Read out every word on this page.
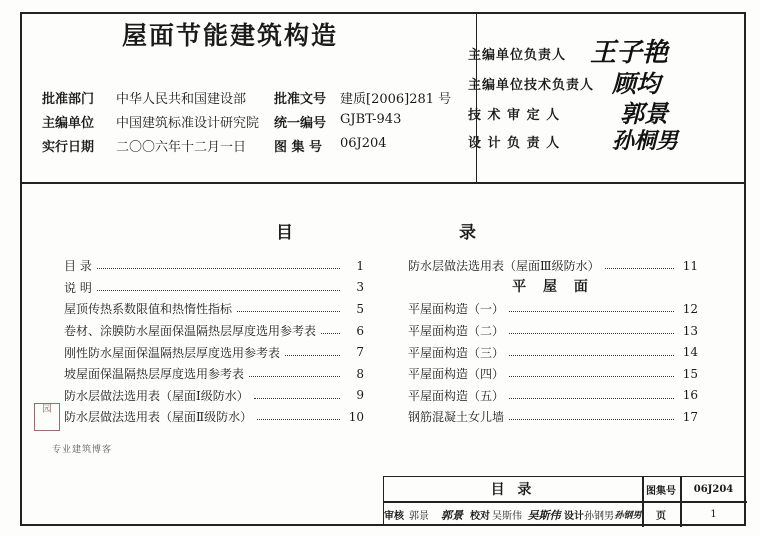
屋面节能建筑构造
批准部门 中华人民共和国建设部
主编单位 中国建筑标准设计研究院
实行日期 二〇〇六年十二月一日
批准文号 建质[2006]281 号
统一编号 GJBT-943
图 集 号 06J204
主编单位负责人 王子艳
主编单位技术负责人 顾均
技 术 审 定 人 郭景
设 计 负 责 人 孙桐男
目	录
目 录	1
说 明	3
屋顶传热系数限值和热惰性指标	5
卷材、涂膜防水屋面保温隔热层厚度选用参考表	6
刚性防水屋面保温隔热层厚度选用参考表	7
坡屋面保温隔热层厚度选用参考表	8
防水层做法选用表（屋面Ⅰ级防水）	9
防水层做法选用表（屋面Ⅱ级防水）	10
防水层做法选用表（屋面Ⅲ级防水）	11
平 屋 面
平屋面构造（一）	12
平屋面构造（二）	13
平屋面构造（三）	14
平屋面构造（四）	15
平屋面构造（五）	16
钢筋混凝土女儿墙	17
园
专业建筑博客
目 录	图集号	06J204
审核 郭景	郭景 校对 吴斯伟 吴斯伟 设计 孙钢男 孙钢男	页	1
